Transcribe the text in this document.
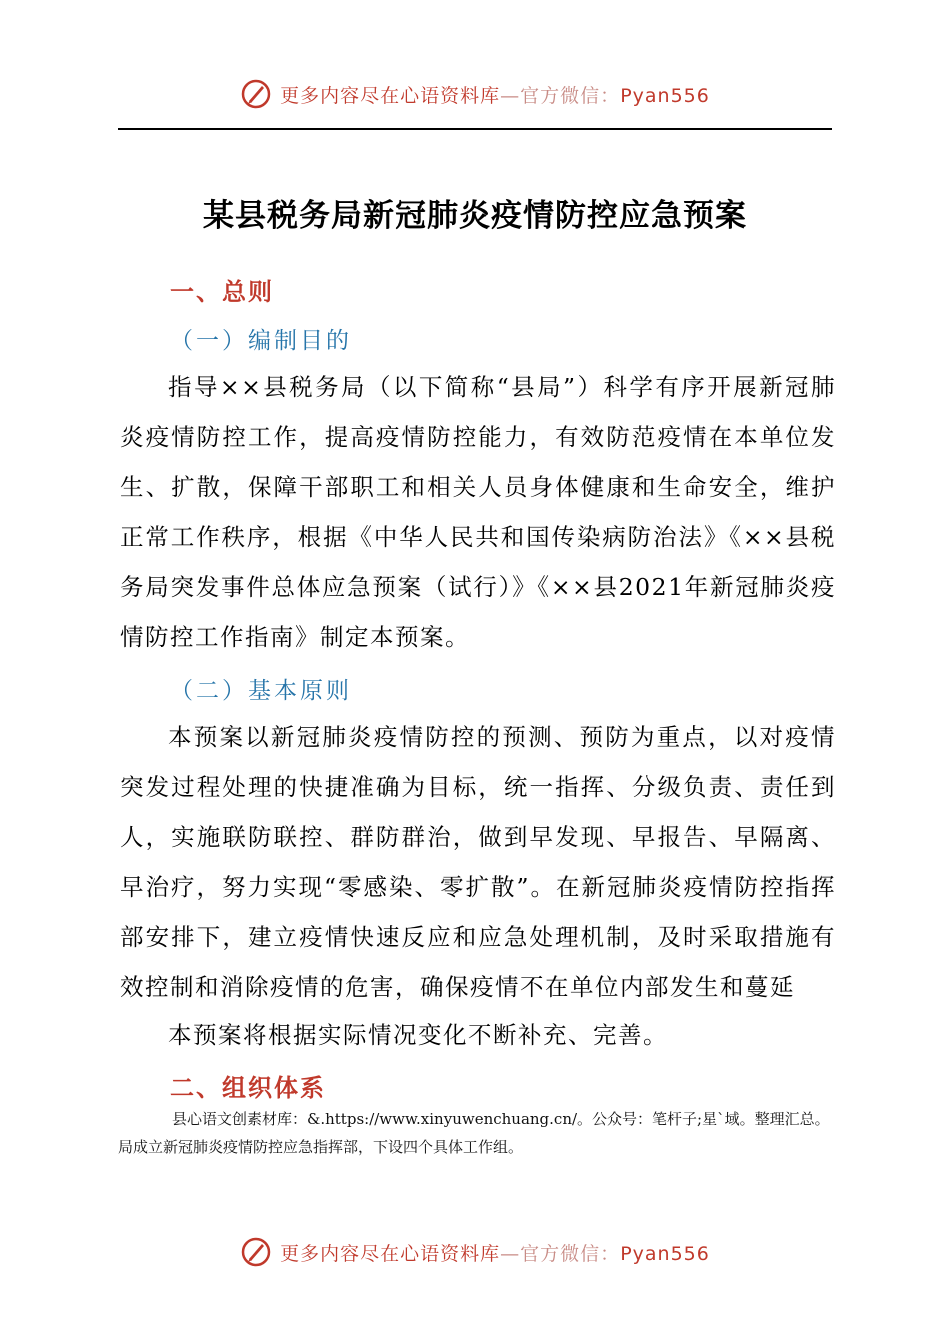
更多内容尽在心语资料库—官方微信：Pyan556
某县税务局新冠肺炎疫情防控应急预案
一、总则
（一）编制目的
指导××县税务局（以下简称“县局”）科学有序开展新冠肺炎疫情防控工作，提高疫情防控能力，有效防范疫情在本单位发生、扩散，保障干部职工和相关人员身体健康和生命安全，维护正常工作秩序，根据《中华人民共和国传染病防治法》《××县税务局突发事件总体应急预案（试行）》《××县2021年新冠肺炎疫情防控工作指南》制定本预案。
（二）基本原则
本预案以新冠肺炎疫情防控的预测、预防为重点，以对疫情突发过程处理的快捷准确为目标，统一指挥、分级负责、责任到人，实施联防联控、群防群治，做到早发现、早报告、早隔离、早治疗，努力实现“零感染、零扩散”。在新冠肺炎疫情防控指挥部安排下，建立疫情快速反应和应急处理机制，及时采取措施有效控制和消除疫情的危害，确保疫情不在单位内部发生和蔓延
本预案将根据实际情况变化不断补充、完善。
二、组织体系
县心语文创素材库：&.https://www.xinyuwenchuang.cn/。公众号：笔杆子;星`域。整理汇总。
局成立新冠肺炎疫情防控应急指挥部，下设四个具体工作组。
更多内容尽在心语资料库—官方微信：Pyan556
